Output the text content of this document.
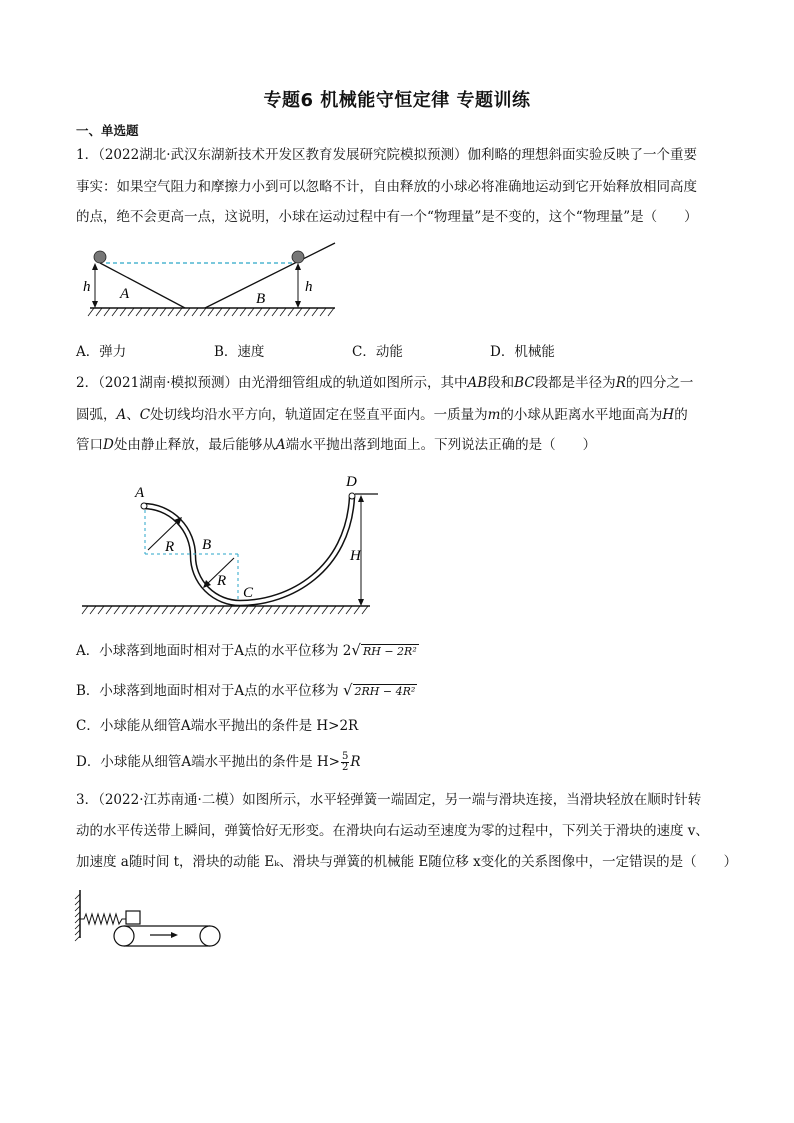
专题6 机械能守恒定律 专题训练
一、单选题
1．（2022湖北·武汉东湖新技术开发区教育发展研究院模拟预测）伽利略的理想斜面实验反映了一个重要
事实：如果空气阻力和摩擦力小到可以忽略不计，自由释放的小球必将准确地运动到它开始释放相同高度
的点，绝不会更高一点，这说明，小球在运动过程中有一个“物理量”是不变的，这个“物理量”是（　　）
h A	B
h
A．弹力	B．速度	C．动能	D．机械能
2．（2021湖南·模拟预测）由光滑细管组成的轨道如图所示，其中AB段和BC段都是半径为R的四分之一
圆弧，A、C处切线均沿水平方向，轨道固定在竖直平面内。一质量为m的小球从距离水平地面高为H的
管口D处由静止释放，最后能够从A端水平抛出落到地面上。下列说法正确的是（　　）
A
B
C
D
R
R
H
A．小球落到地面时相对于A点的水平位移为 2√ RH − 2R²
B．小球落到地面时相对于A点的水平位移为 √ 2RH − 4R²
C．小球能从细管A端水平抛出的条件是 H>2R
D．小球能从细管A端水平抛出的条件是 $H> \frac{5}{2}$ R
3．（2022·江苏南通·二模）如图所示，水平轻弹簧一端固定，另一端与滑块连接，当滑块轻放在顺时针转
动的水平传送带上瞬间，弹簧恰好无形变。在滑块向右运动至速度为零的过程中，下列关于滑块的速度 v、
加速度 a随时间 t，滑块的动能 Eₖ、滑块与弹簧的机械能 E随位移 x变化的关系图像中，一定错误的是（　　）
